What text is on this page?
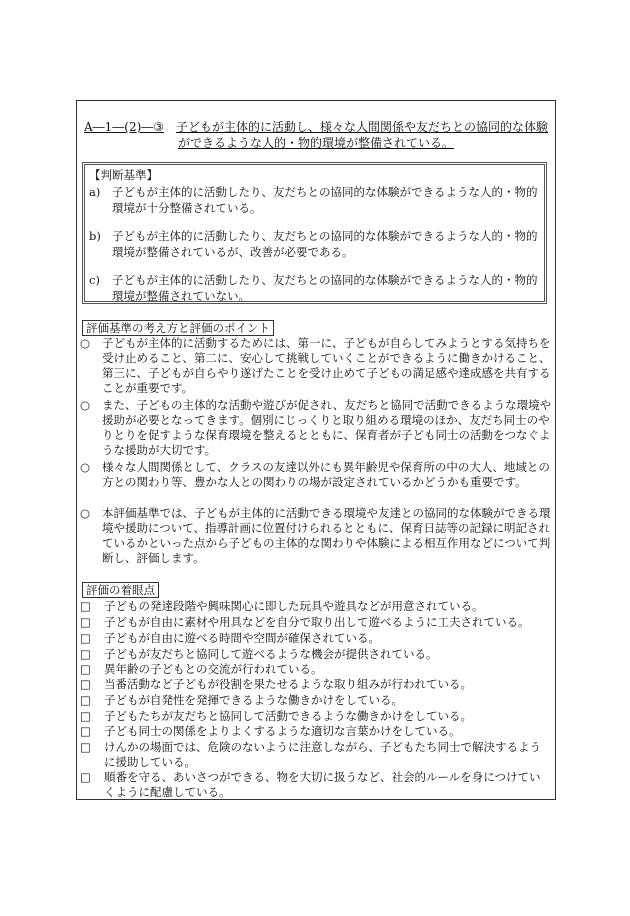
A―1―(2)―③ 子どもが主体的に活動し、様々な人間関係や友だちとの協同的な体験
ができるような人的・物的環境が整備されている。
【判断基準】
a)	子どもが主体的に活動したり、友だちとの協同的な体験ができるような人的・物的環境が十分整備されている。
b) 子どもが主体的に活動したり、友だちとの協同的な体験ができるような人的・物的環境が整備されているが、改善が必要である。
c)	子どもが主体的に活動したり、友だちとの協同的な体験ができるような人的・物的環境が整備されていない。
評価基準の考え方と評価のポイント
○	子どもが主体的に活動するためには、第一に、子どもが自らしてみようとする気持ちを受け止めること、第二に、安心して挑戦していくことができるように働きかけること、第三に、子どもが自らやり遂げたことを受け止めて子どもの満足感や達成感を共有することが重要です。
○	また、子どもの主体的な活動や遊びが促され、友だちと協同で活動できるような環境や援助が必要となってきます。個別にじっくりと取り組める環境のほか、友だち同士のやりとりを促すような保育環境を整えるとともに、保育者が子ども同士の活動をつなぐような援助が大切です。
○	様々な人間関係として、クラスの友達以外にも異年齢児や保育所の中の大人、地域との方との関わり等、豊かな人との関わりの場が設定されているかどうかも重要です。
○	本評価基準では、子どもが主体的に活動できる環境や友達との協同的な体験ができる環境や援助について、指導計画に位置付けられるとともに、保育日誌等の記録に明記されているかといった点から子どもの主体的な関わりや体験による相互作用などについて判断し、評価します。
評価の着眼点
□	子どもの発達段階や興味関心に即した玩具や遊具などが用意されている。
□	子どもが自由に素材や用具などを自分で取り出して遊べるように工夫されている。
□	子どもが自由に遊べる時間や空間が確保されている。
□	子どもが友だちと協同して遊べるような機会が提供されている。
□	異年齢の子どもとの交流が行われている。
□	当番活動など子どもが役割を果たせるような取り組みが行われている。
□	子どもが自発性を発揮できるような働きかけをしている。
□	子どもたちが友だちと協同して活動できるような働きかけをしている。
□	子ども同士の関係をよりよくするような適切な言葉かけをしている。
□	けんかの場面では、危険のないように注意しながら、子どもたち同士で解決するように援助している。
□	順番を守る、あいさつができる、物を大切に扱うなど、社会的ルールを身につけていくように配慮している。
